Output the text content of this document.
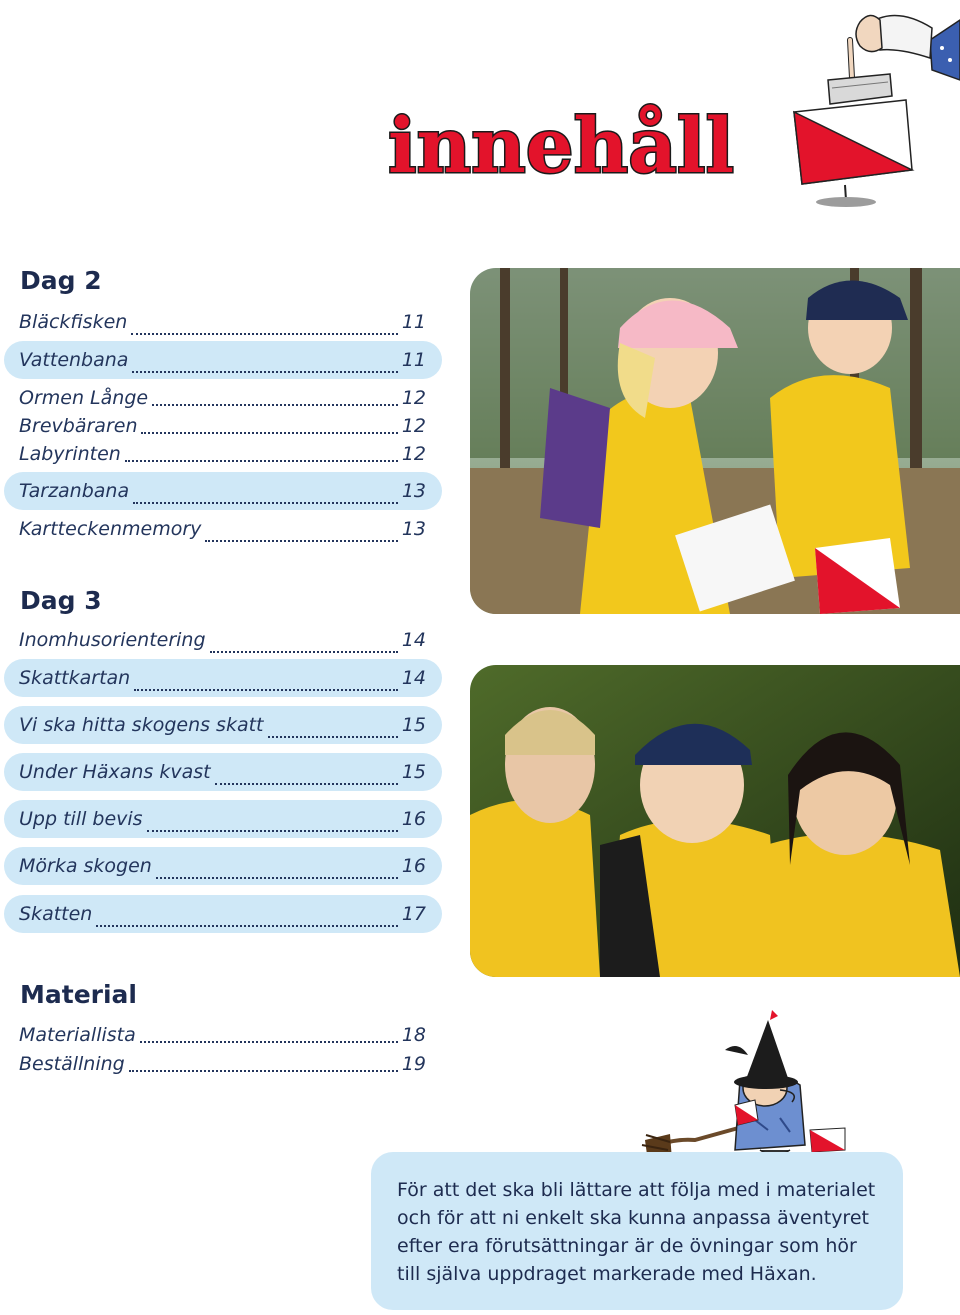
innehåll
Dag 2
Bläckfisken	11
Vattenbana	11
Ormen Långe	12
Brevbäraren	12
Labyrinten	12
Tarzanbana	13
Kartteckenmemory	13
Dag 3
Inomhusorientering	14
Skattkartan	14
Vi ska hitta skogens skatt	15
Under Häxans kvast	15
Upp till bevis	16
Mörka skogen	16
Skatten	17
Material
Materiallista	18
Beställning	19

För att det ska bli lättare att följa med i materialet

och för att ni enkelt ska kunna anpassa äventyret

efter era förutsättningar är de övningar som hör

till själva uppdraget markerade med Häxan.
